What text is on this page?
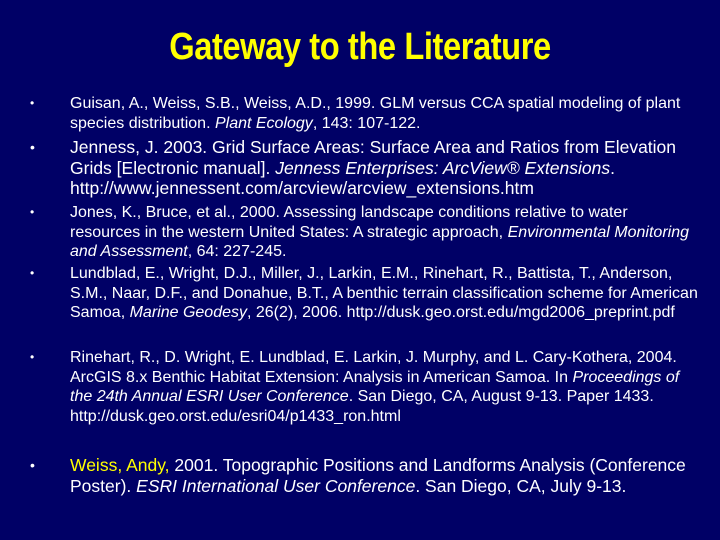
Gateway to the Literature
• Guisan, A., Weiss, S.B., Weiss, A.D., 1999. GLM versus CCA spatial modeling of plant species distribution. Plant Ecology, 143: 107-122.
• Jenness, J. 2003. Grid Surface Areas: Surface Area and Ratios from Elevation Grids [Electronic manual]. Jenness Enterprises: ArcView® Extensions. http://www.jennessent.com/arcview/arcview_extensions.htm
• Jones, K., Bruce, et al., 2000. Assessing landscape conditions relative to water resources in the western United States: A strategic approach, Environmental Monitoring and Assessment, 64: 227-245.
• Lundblad, E., Wright, D.J., Miller, J., Larkin, E.M., Rinehart, R., Battista, T., Anderson, S.M., Naar, D.F., and Donahue, B.T., A benthic terrain classification scheme for American Samoa, Marine Geodesy, 26(2), 2006. http://dusk.geo.orst.edu/mgd2006_preprint.pdf
• Rinehart, R., D. Wright, E. Lundblad, E. Larkin, J. Murphy, and L. Cary-Kothera, 2004. ArcGIS 8.x Benthic Habitat Extension: Analysis in American Samoa. In Proceedings of the 24th Annual ESRI User Conference. San Diego, CA, August 9-13. Paper 1433. http://dusk.geo.orst.edu/esri04/p1433_ron.html
• Weiss, Andy, 2001. Topographic Positions and Landforms Analysis (Conference Poster). ESRI International User Conference. San Diego, CA, July 9-13.
